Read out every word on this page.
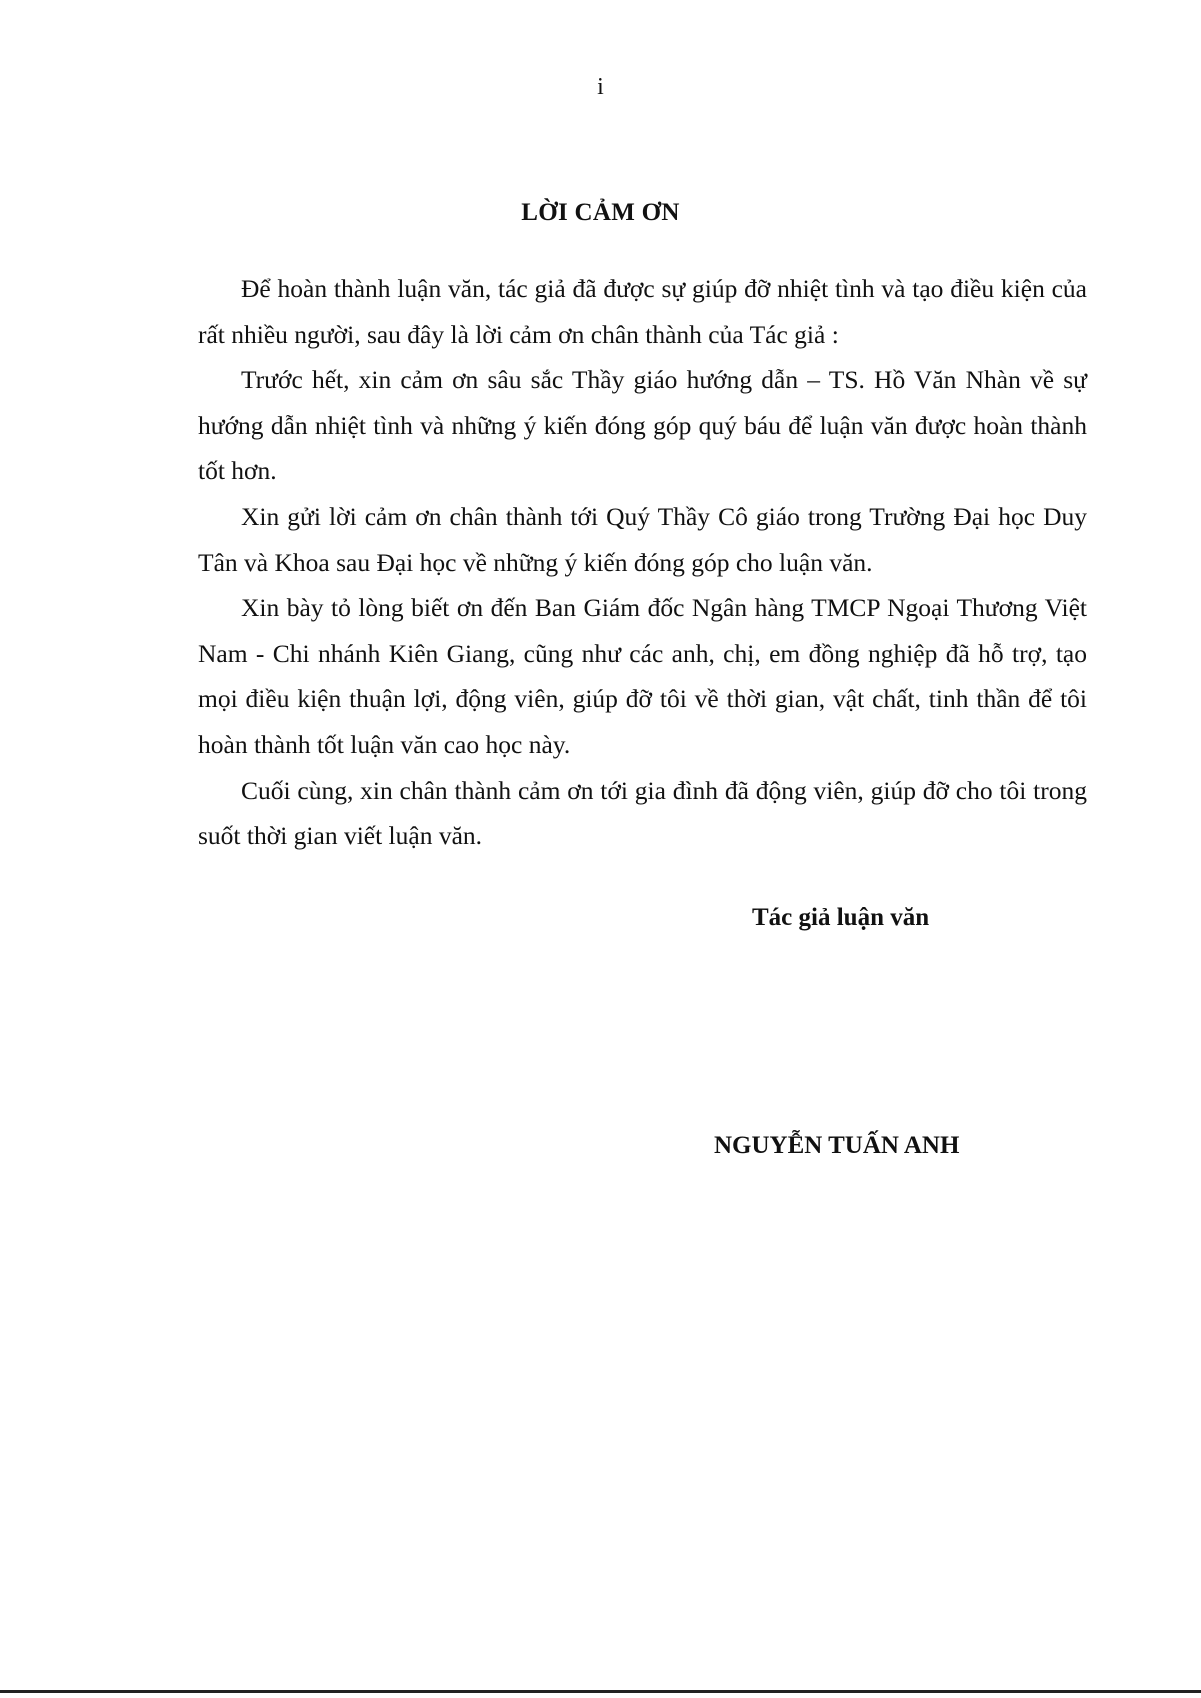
i
LỜI CẢM ƠN

Để hoàn thành luận văn, tác giả đã được sự giúp đỡ nhiệt tình và tạo điều kiện của rất nhiều người, sau đây là lời cảm ơn chân thành của Tác giả :

Trước hết, xin cảm ơn sâu sắc Thầy giáo hướng dẫn – TS. Hồ Văn Nhàn về sự hướng dẫn nhiệt tình và những ý kiến đóng góp quý báu để luận văn được hoàn thành tốt hơn.

Xin gửi lời cảm ơn chân thành tới Quý Thầy Cô giáo trong Trường Đại học Duy Tân và Khoa sau Đại học về những ý kiến đóng góp cho luận văn.

Xin bày tỏ lòng biết ơn đến Ban Giám đốc Ngân hàng TMCP Ngoại Thương Việt Nam - Chi nhánh Kiên Giang, cũng như các anh, chị, em đồng nghiệp đã hỗ trợ, tạo mọi điều kiện thuận lợi, động viên, giúp đỡ tôi về thời gian, vật chất, tinh thần để tôi hoàn thành tốt luận văn cao học này.

Cuối cùng, xin chân thành cảm ơn tới gia đình đã động viên, giúp đỡ cho tôi trong suốt thời gian viết luận văn.

Tác giả luận văn
NGUYỄN TUẤN ANH
